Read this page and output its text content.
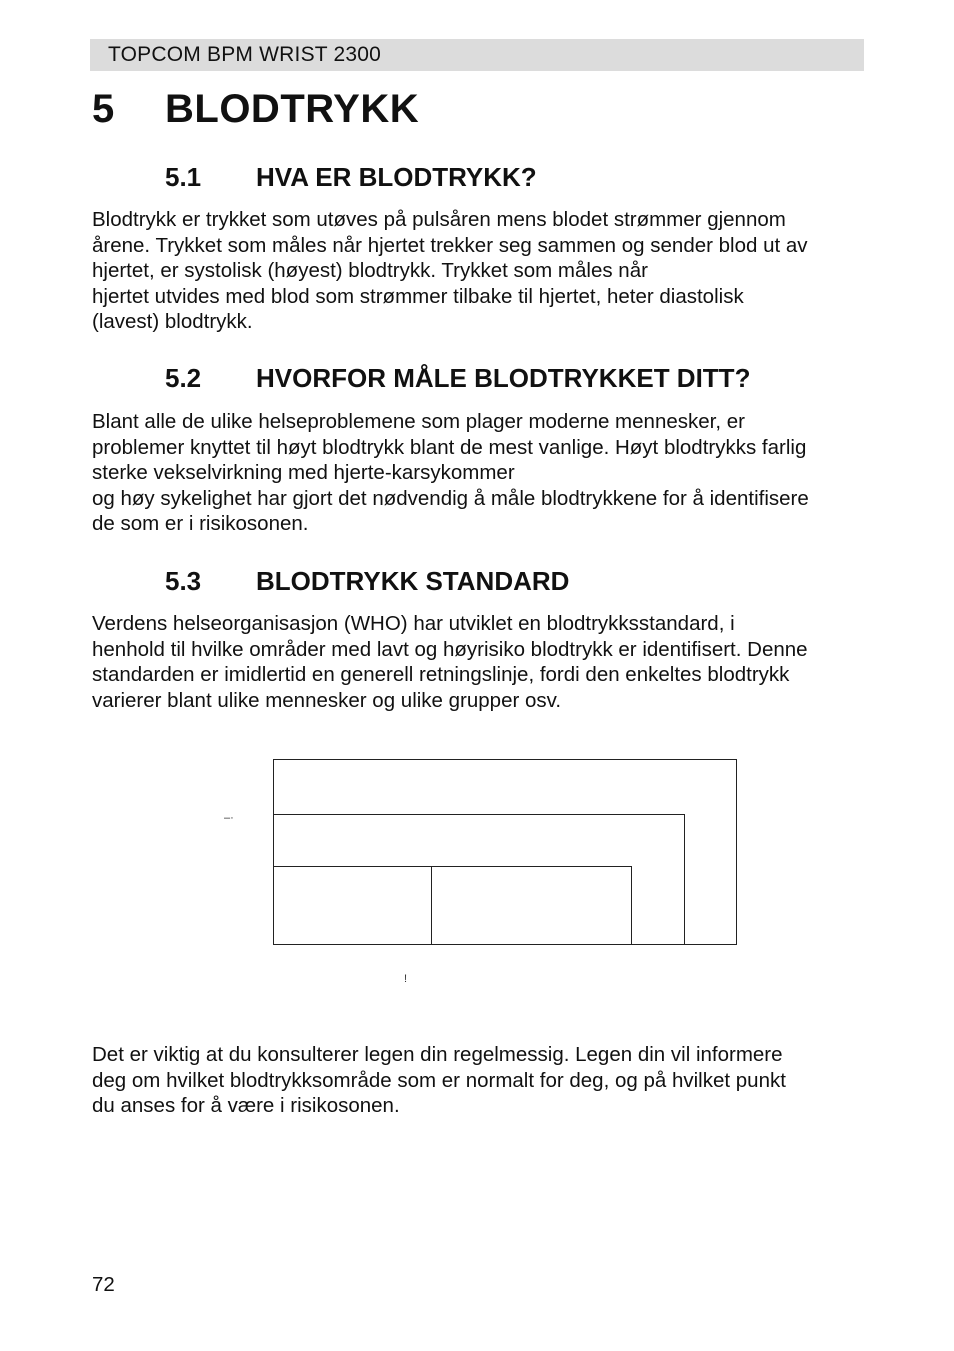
TOPCOM BPM WRIST 2300
5 BLODTRYKK
5.1 HVA ER BLODTRYKK?
Blodtrykk er trykket som utøves på pulsåren mens blodet strømmer gjennom
årene. Trykket som måles når hjertet trekker seg sammen og sender blod ut av
hjertet, er systolisk (høyest) blodtrykk. Trykket som måles når
hjertet utvides med blod som strømmer tilbake til hjertet, heter diastolisk
(lavest) blodtrykk.
5.2 HVORFOR MÅLE BLODTRYKKET DITT?
Blant alle de ulike helseproblemene som plager moderne mennesker, er
problemer knyttet til høyt blodtrykk blant de mest vanlige. Høyt blodtrykks farlig
sterke vekselvirkning med hjerte-karsykommer
og høy sykelighet har gjort det nødvendig å måle blodtrykkene for å identifisere
de som er i risikosonen.
5.3 BLODTRYKK STANDARD
Verdens helseorganisasjon (WHO) har utviklet en blodtrykksstandard, i
henhold til hvilke områder med lavt og høyrisiko blodtrykk er identifisert. Denne
standarden er imidlertid en generell retningslinje, fordi den enkeltes blodtrykk
varierer blant ulike mennesker og ulike grupper osv.
–·
!
Det er viktig at du konsulterer legen din regelmessig. Legen din vil informere
deg om hvilket blodtrykksområde som er normalt for deg, og på hvilket punkt
du anses for å være i risikosonen.
72
